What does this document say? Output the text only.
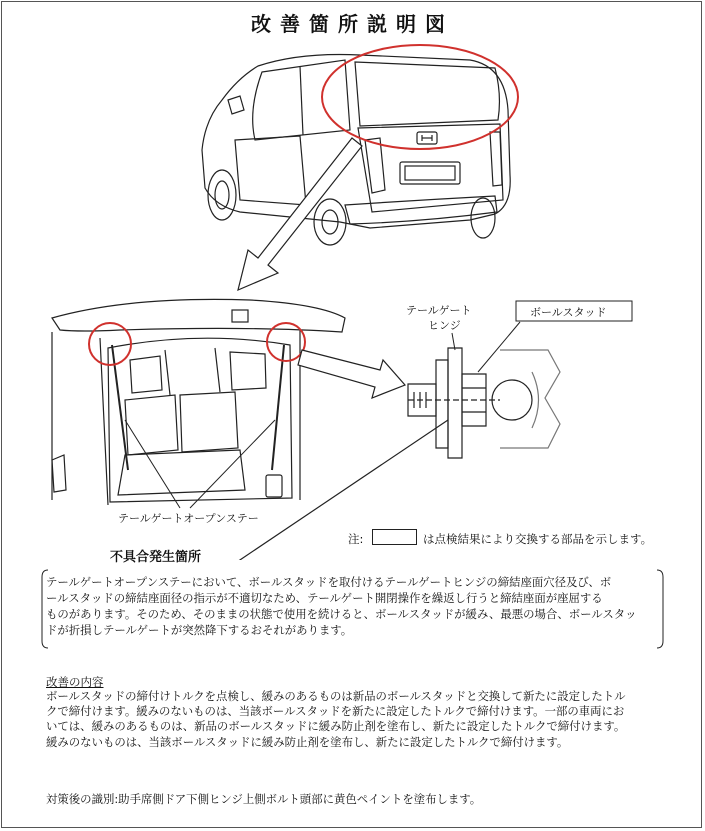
改善箇所説明図
テールゲート
ヒンジ
ボールスタッド
テールゲートオープンステー
注:	は点検結果により交換する部品を示します。
不具合発生箇所
テールゲートオープンステーにおいて、ボールスタッドを取付けるテールゲートヒンジの締結座面穴径及び、ボ
ールスタッドの締結座面径の指示が不適切なため、テールゲート開閉操作を繰返し行うと締結座面が座屈する
ものがあります。そのため、そのままの状態で使用を続けると、ボールスタッドが緩み、最悪の場合、ボールスタッ
ドが折損しテールゲートが突然降下するおそれがあります。
改善の内容
ボールスタッドの締付けトルクを点検し、緩みのあるものは新品のボールスタッドと交換して新たに設定したトル
クで締付けます。緩みのないものは、当該ボールスタッドを新たに設定したトルクで締付けます。一部の車両にお
いては、緩みのあるものは、新品のボールスタッドに緩み防止剤を塗布し、新たに設定したトルクで締付けます。
緩みのないものは、当該ボールスタッドに緩み防止剤を塗布し、新たに設定したトルクで締付けます。
対策後の識別:助手席側ドア下側ヒンジ上側ボルト頭部に黄色ペイントを塗布します。
